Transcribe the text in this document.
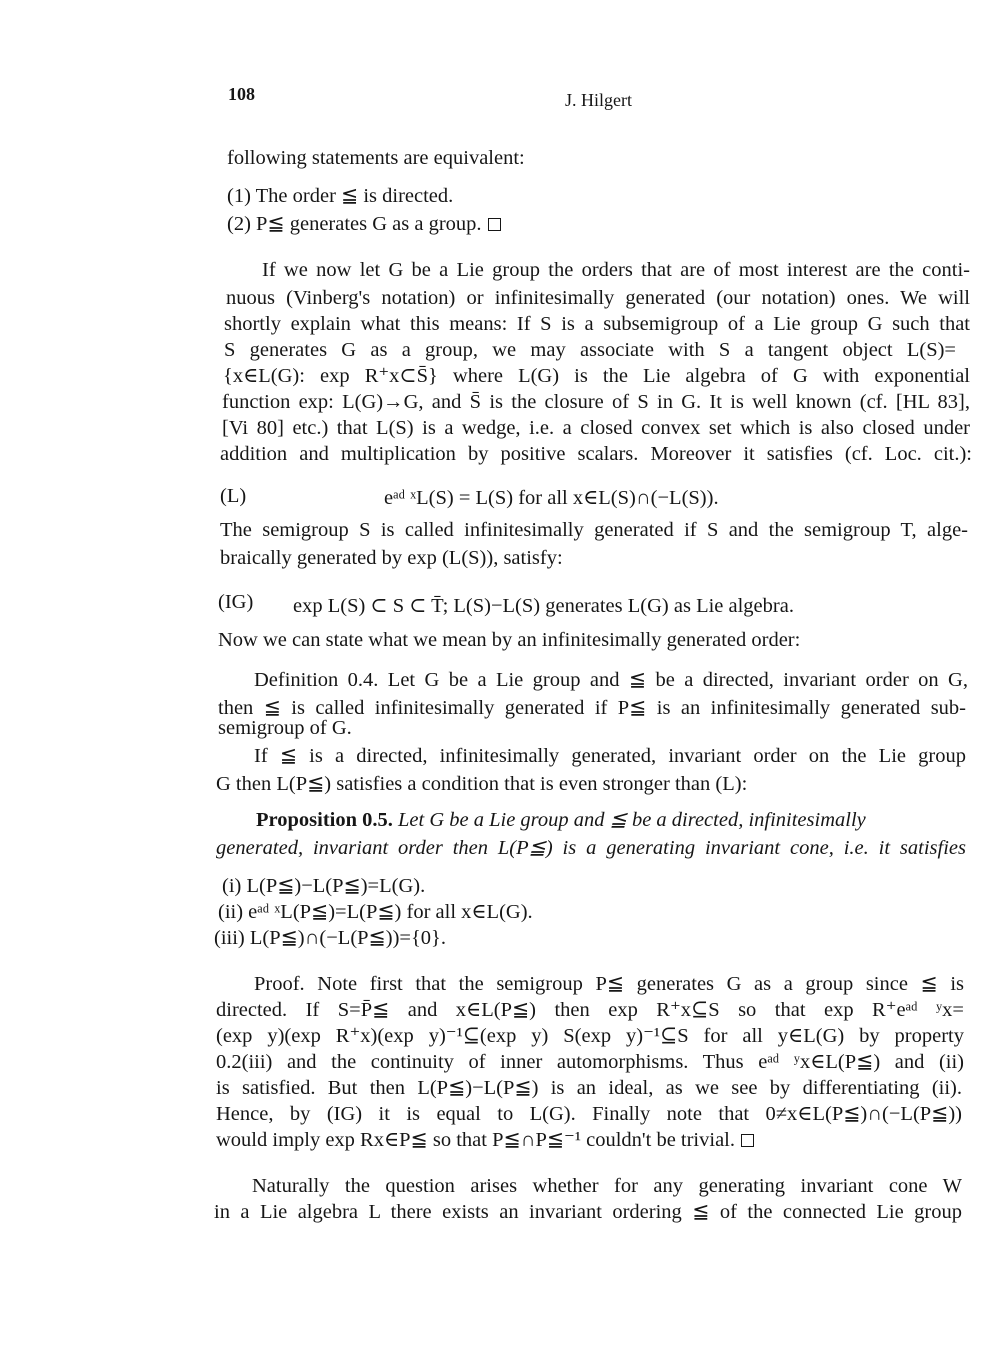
108	J. Hilgert
following statements are equivalent:
(1) The order ≦ is directed.
(2) P≦ generates G as a group.
If we now let G be a Lie group the orders that are of most interest are the conti-
nuous (Vinberg's notation) or infinitesimally generated (our notation) ones. We will
shortly explain what this means: If S is a subsemigroup of a Lie group G such that
S generates G as a group, we may associate with S a tangent object L(S)=
{x∈L(G): exp R⁺x⊂S̄} where L(G) is the Lie algebra of G with exponential
function exp: L(G)→G, and S̄ is the closure of S in G. It is well known (cf. [HL 83],
[Vi 80] etc.) that L(S) is a wedge, i.e. a closed convex set which is also closed under
addition and multiplication by positive scalars. Moreover it satisfies (cf. Loc. cit.):
(L)	eᵃᵈ ˣL(S) = L(S) for all x∈L(S)∩(−L(S)).
The semigroup S is called infinitesimally generated if S and the semigroup T, alge-
braically generated by exp (L(S)), satisfy:
(IG) exp L(S) ⊂ S ⊂ T̄; L(S)−L(S) generates L(G) as Lie algebra.
Now we can state what we mean by an infinitesimally generated order:
Definition 0.4. Let G be a Lie group and ≦ be a directed, invariant order on G,
then ≦ is called infinitesimally generated if P≦ is an infinitesimally generated sub-
semigroup of G.
If ≦ is a directed, infinitesimally generated, invariant order on the Lie group
G then L(P≦) satisfies a condition that is even stronger than (L):
Proposition 0.5. Let G be a Lie group and ≦ be a directed, infinitesimally
generated, invariant order then L(P≦) is a generating invariant cone, i.e. it satisfies
(i) L(P≦)−L(P≦)=L(G).
(ii) eᵃᵈ ˣL(P≦)=L(P≦) for all x∈L(G).
(iii) L(P≦)∩(−L(P≦))={0}.
Proof. Note first that the semigroup P≦ generates G as a group since ≦ is
directed. If S=P̄≦ and x∈L(P≦) then exp R⁺x⊆S so that exp R⁺eᵃᵈ ʸx=
(exp y)(exp R⁺x)(exp y)⁻¹⊆(exp y) S(exp y)⁻¹⊆S for all y∈L(G) by property
0.2(iii) and the continuity of inner automorphisms. Thus eᵃᵈ ʸx∈L(P≦) and (ii)
is satisfied. But then L(P≦)−L(P≦) is an ideal, as we see by differentiating (ii).
Hence, by (IG) it is equal to L(G). Finally note that 0≠x∈L(P≦)∩(−L(P≦))
would imply exp Rx∈P≦ so that P≦∩P≦⁻¹ couldn't be trivial.
Naturally the question arises whether for any generating invariant cone W
in a Lie algebra L there exists an invariant ordering ≦ of the connected Lie group
